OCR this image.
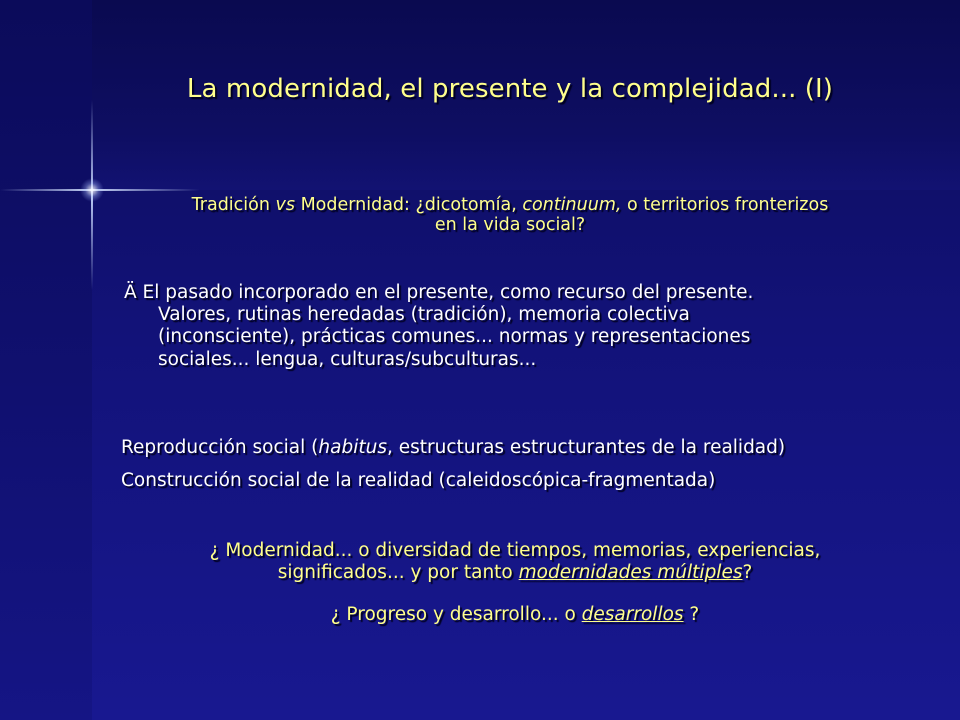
La modernidad, el presente y la complejidad... (I)
Tradición vs Modernidad: ¿dicotomía, continuum, o territorios fronterizos
en la vida social?
Ä El pasado incorporado en el presente, como recurso del presente.
Valores, rutinas heredadas (tradición), memoria colectiva
(inconsciente), prácticas comunes... normas y representaciones
sociales... lengua, culturas/subculturas...
Reproducción social (habitus, estructuras estructurantes de la realidad)
Construcción social de la realidad (caleidoscópica-fragmentada)
¿ Modernidad... o diversidad de tiempos, memorias, experiencias,
significados... y por tanto modernidades múltiples?
¿ Progreso y desarrollo... o desarrollos ?
